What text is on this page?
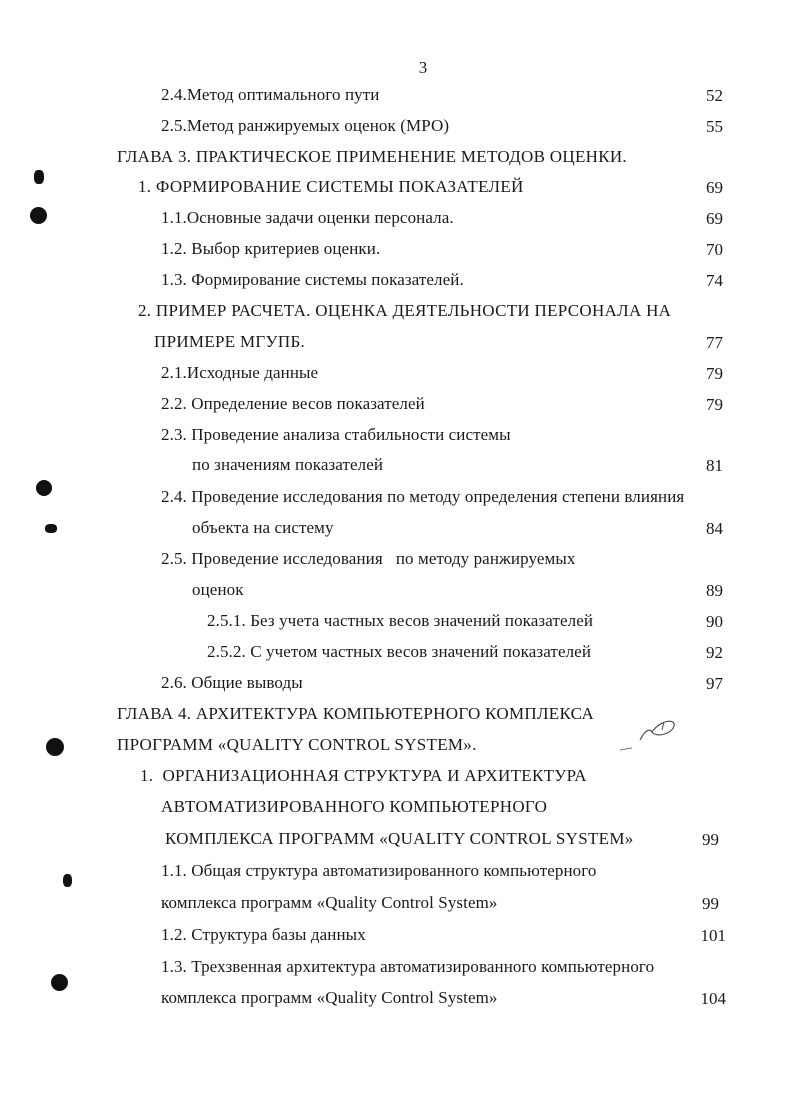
3
2.4.Метод оптимального пути	52
2.5.Метод ранжируемых оценок (МРО)	55
ГЛАВА 3. ПРАКТИЧЕСКОЕ ПРИМЕНЕНИЕ МЕТОДОВ ОЦЕНКИ.
1. ФОРМИРОВАНИЕ СИСТЕМЫ ПОКАЗАТЕЛЕЙ	69
1.1.Основные задачи оценки персонала.	69
1.2. Выбор критериев оценки.	70
1.3. Формирование системы показателей.	74
2. ПРИМЕР РАСЧЕТА. ОЦЕНКА ДЕЯТЕЛЬНОСТИ ПЕРСОНАЛА НА
ПРИМЕРЕ МГУПБ.	77
2.1.Исходные данные	79
2.2. Определение весов показателей	79
2.3. Проведение анализа стабильности системы
по значениям показателей	81
2.4. Проведение исследования по методу определения степени влияния
объекта на систему	84
2.5. Проведение исследования   по методу ранжируемых
оценок	89
2.5.1. Без учета частных весов значений показателей	90
2.5.2. С учетом частных весов значений показателей	92
2.6. Общие выводы	97
ГЛАВА 4. АРХИТЕКТУРА КОМПЬЮТЕРНОГО КОМПЛЕКСА
ПРОГРАММ «QUALITY CONTROL SYSTEM».
1.  ОРГАНИЗАЦИОННАЯ СТРУКТУРА И АРХИТЕКТУРА
АВТОМАТИЗИРОВАННОГО КОМПЬЮТЕРНОГО
КОМПЛЕКСА ПРОГРАММ «QUALITY CONTROL SYSTEM»	99
1.1. Общая структура автоматизированного компьютерного
комплекса программ «Quality Control System»	99
1.2. Структура базы данных	101
1.3. Трехзвенная архитектура автоматизированного компьютерного
комплекса программ «Quality Control System»	104
